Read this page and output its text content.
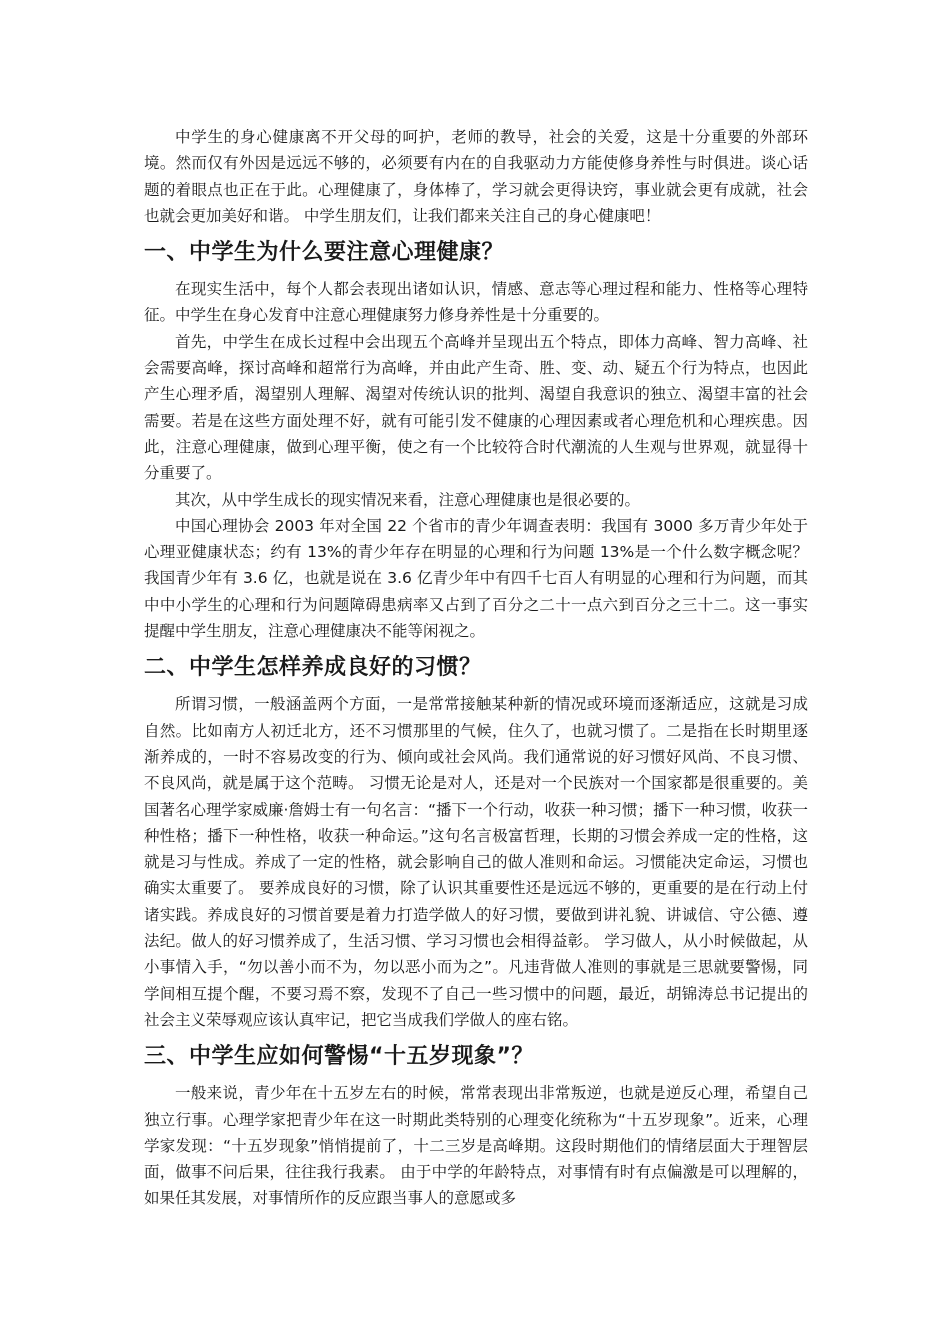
中学生的身心健康离不开父母的呵护，老师的教导，社会的关爱，这是十分重要的外部环境。然而仅有外因是远远不够的，必须要有内在的自我驱动力方能使修身养性与时俱进。谈心话题的着眼点也正在于此。心理健康了，身体棒了，学习就会更得诀窍，事业就会更有成就，社会也就会更加美好和谐。 中学生朋友们，让我们都来关注自己的身心健康吧！

一、中学生为什么要注意心理健康？

在现实生活中，每个人都会表现出诸如认识，情感、意志等心理过程和能力、性格等心理特征。中学生在身心发育中注意心理健康努力修身养性是十分重要的。

首先，中学生在成长过程中会出现五个高峰并呈现出五个特点，即体力高峰、智力高峰、社会需要高峰，探讨高峰和超常行为高峰，并由此产生奇、胜、变、动、疑五个行为特点，也因此产生心理矛盾，渴望别人理解、渴望对传统认识的批判、渴望自我意识的独立、渴望丰富的社会需要。若是在这些方面处理不好，就有可能引发不健康的心理因素或者心理危机和心理疾患。因此，注意心理健康，做到心理平衡，使之有一个比较符合时代潮流的人生观与世界观，就显得十分重要了。

其次，从中学生成长的现实情况来看，注意心理健康也是很必要的。

中国心理协会 2003 年对全国 22 个省市的青少年调查表明：我国有 3000 多万青少年处于心理亚健康状态；约有 13%的青少年存在明显的心理和行为问题 13%是一个什么数字概念呢？我国青少年有 3.6 亿，也就是说在 3.6 亿青少年中有四千七百人有明显的心理和行为问题，而其中中小学生的心理和行为问题障碍患病率又占到了百分之二十一点六到百分之三十二。这一事实提醒中学生朋友，注意心理健康决不能等闲视之。

二、中学生怎样养成良好的习惯？

所谓习惯，一般涵盖两个方面，一是常常接触某种新的情况或环境而逐渐适应，这就是习成自然。比如南方人初迁北方，还不习惯那里的气候，住久了，也就习惯了。二是指在长时期里逐渐养成的，一时不容易改变的行为、倾向或社会风尚。我们通常说的好习惯好风尚、不良习惯、不良风尚，就是属于这个范畴。 习惯无论是对人，还是对一个民族对一个国家都是很重要的。美国著名心理学家威廉·詹姆士有一句名言：“播下一个行动，收获一种习惯；播下一种习惯，收获一种性格；播下一种性格，收获一种命运。”这句名言极富哲理，长期的习惯会养成一定的性格，这就是习与性成。养成了一定的性格，就会影响自己的做人准则和命运。习惯能决定命运，习惯也确实太重要了。 要养成良好的习惯，除了认识其重要性还是远远不够的，更重要的是在行动上付诸实践。养成良好的习惯首要是着力打造学做人的好习惯，要做到讲礼貌、讲诚信、守公德、遵法纪。做人的好习惯养成了，生活习惯、学习习惯也会相得益彰。 学习做人，从小时候做起，从小事情入手，“勿以善小而不为，勿以恶小而为之”。凡违背做人准则的事就是三思就要警惕，同学间相互提个醒，不要习焉不察，发现不了自己一些习惯中的问题，最近，胡锦涛总书记提出的社会主义荣辱观应该认真牢记，把它当成我们学做人的座右铭。

三、中学生应如何警惕“十五岁现象”？

一般来说，青少年在十五岁左右的时候，常常表现出非常叛逆，也就是逆反心理，希望自己独立行事。心理学家把青少年在这一时期此类特别的心理变化统称为“十五岁现象”。近来，心理学家发现：“十五岁现象”悄悄提前了，十二三岁是高峰期。这段时期他们的情绪层面大于理智层面，做事不问后果，往往我行我素。 由于中学的年龄特点，对事情有时有点偏激是可以理解的，如果任其发展，对事情所作的反应跟当事人的意愿或多
